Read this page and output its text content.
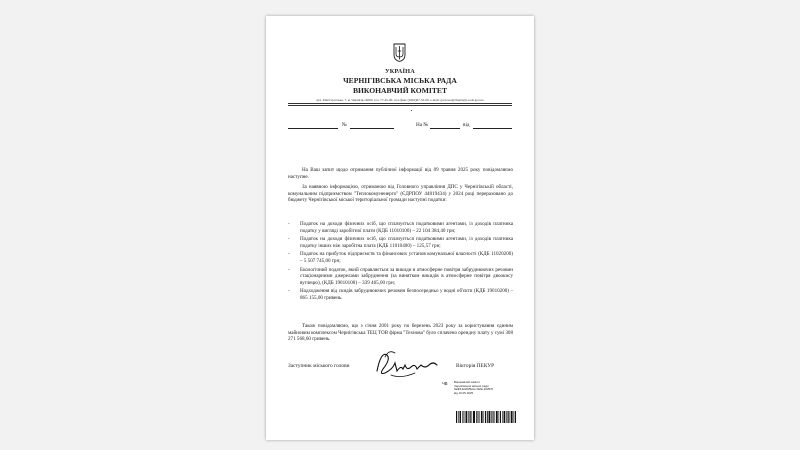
УКРАЇНА
ЧЕРНІГІВСЬКА МІСЬКА РАДА
ВИКОНАВЧИЙ КОМІТЕТ
вул. Магістратська, 7, м. Чернігів,14000, тел. 77-45-00, тел./факс (0462)67-53-00, e-mail: gorsovet@chernigiv-rada.gov.ua
№	На №	від
На Ваш запит щодо отримання публічної інформації від 09 травня 2025 року повідомляємо наступне.
За наявною інформацією, отриманою від Головного управління ДПС у Чернігівській області, комунальним підприємством "Теплокомуненерго" (ЄДРПОУ 44819434) у 2024 році перераховано до бюджету Чернігівської міської територіальної громади наступні податки:
- Податок на доходи фізичних осіб, що сплачується податковими агентами, із доходів платника податку у вигляді заробітної плати (КДБ 11010100) – 22 104 384,40 грн;
- Податок на доходи фізичних осіб, що сплачується податковими агентами, із доходів платника податку інших ніж заробітна плата (КДБ 11010400) – 125,57 грн;
- Податок на прибуток підприємств та фінансових установ комунальної власності (КДБ 11020200) – 5 507 745,00 грн;
- Екологічний податок, який справляється за викиди в атмосферне повітря забруднюючих речовин стаціонарними джерелами забруднення (за винятком викидів в атмосферне повітря двоокису вуглецю), (КДБ 19010100) – 339 465,00 грн;
- Надходження від скидів забруднюючих речовин безпосередньо у водні об'єкти (КДБ 19010200) – 865 155,00 гривень.
Також повідомляємо, що з січня 2001 року по березень 2023 року за користування єдиним майновим комплексом Чернігівська ТЕЦ ТОВ фірма "Технова" було сплачено орендну плату у сумі 308 271 568,60 гривень.
Заступник міського голови	Вікторія ПЕКУР
ЧВ Виконавчий комітет
Чернігівської міської ради
№ФЗ-Е/2025вих.№№-2025/П
від 16.05.2025
